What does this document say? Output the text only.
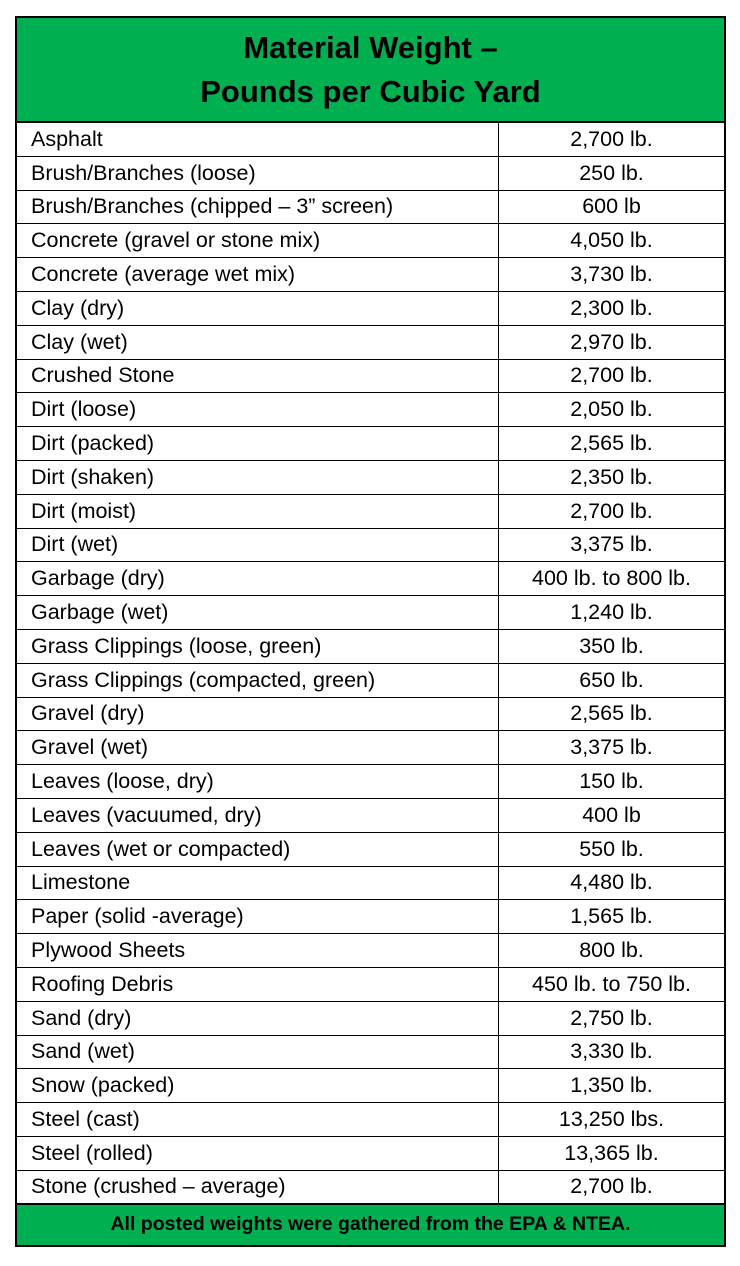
Material Weight –
Pounds per Cubic Yard
Asphalt	2,700 lb.
Brush/Branches (loose)	250 lb.
Brush/Branches (chipped – 3” screen)	600 lb
Concrete (gravel or stone mix)	4,050 lb.
Concrete (average wet mix)	3,730 lb.
Clay (dry)	2,300 lb.
Clay (wet)	2,970 lb.
Crushed Stone	2,700 lb.
Dirt (loose)	2,050 lb.
Dirt (packed)	2,565 lb.
Dirt (shaken)	2,350 lb.
Dirt (moist)	2,700 lb.
Dirt (wet)	3,375 lb.
Garbage (dry)	400 lb. to 800 lb.
Garbage (wet)	1,240 lb.
Grass Clippings (loose, green)	350 lb.
Grass Clippings (compacted, green)	650 lb.
Gravel (dry)	2,565 lb.
Gravel (wet)	3,375 lb.
Leaves (loose, dry)	150 lb.
Leaves (vacuumed, dry)	400 lb
Leaves (wet or compacted)	550 lb.
Limestone	4,480 lb.
Paper (solid -average)	1,565 lb.
Plywood Sheets	800 lb.
Roofing Debris	450 lb. to 750 lb.
Sand (dry)	2,750 lb.
Sand (wet)	3,330 lb.
Snow (packed)	1,350 lb.
Steel (cast)	13,250 lbs.
Steel (rolled)	13,365 lb.
Stone (crushed – average)	2,700 lb.
All posted weights were gathered from the EPA & NTEA.
